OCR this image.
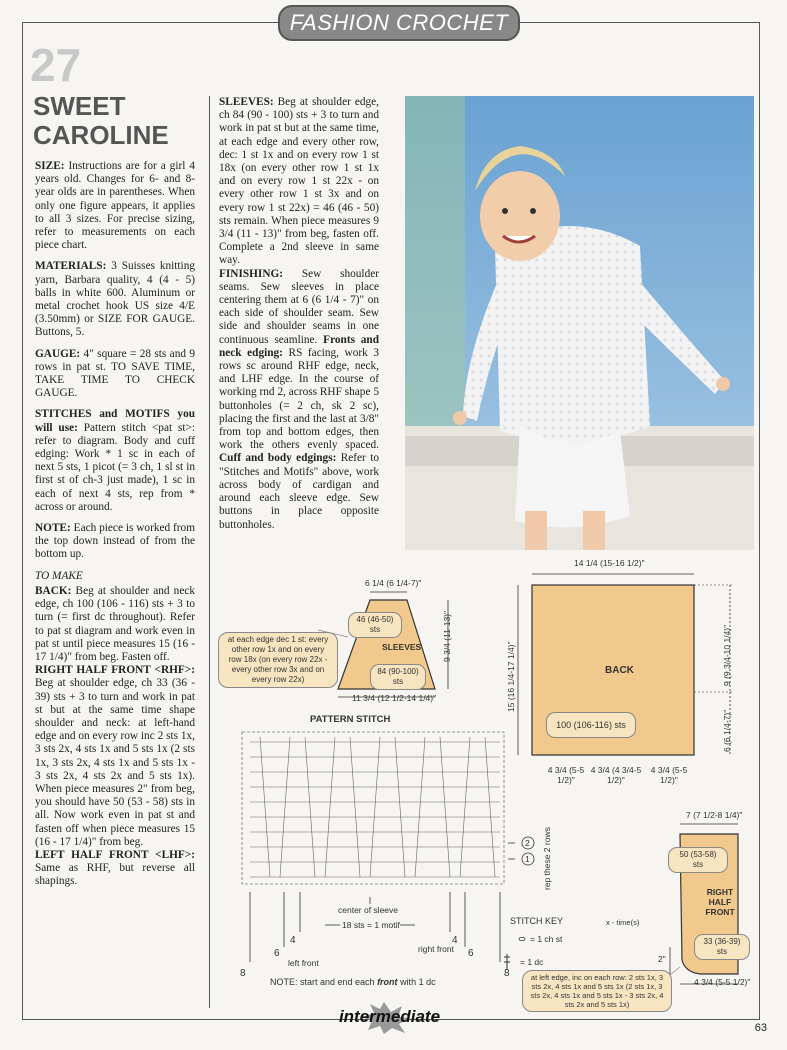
FASHION CROCHET
27
SWEET
CAROLINE

SIZE: Instructions are for a girl 4 years old. Changes for 6- and 8-year olds are in parentheses. When only one figure appears, it applies to all 3 sizes. For precise sizing, refer to measurements on each piece chart.

MATERIALS: 3 Suisses knitting yarn, Barbara quality, 4 (4 - 5) balls in white 600. Aluminum or metal crochet hook US size 4/E (3.50mm) or SIZE FOR GAUGE. Buttons, 5.

GAUGE: 4" square = 28 sts and 9 rows in pat st. TO SAVE TIME, TAKE TIME TO CHECK GAUGE.

STITCHES and MOTIFS you will use: Pattern stitch <pat st>: refer to diagram. Body and cuff edging: Work * 1 sc in each of next 5 sts, 1 picot (= 3 ch, 1 sl st in first st of ch-3 just made), 1 sc in each of next 4 sts, rep from * across or around.

NOTE: Each piece is worked from the top down instead of from the bottom up.

TO MAKE

BACK: Beg at shoulder and neck edge, ch 100 (106 - 116) sts + 3 to turn (= first dc throughout). Refer to pat st diagram and work even in pat st until piece measures 15 (16 - 17 1/4)" from beg. Fasten off.

RIGHT HALF FRONT <RHF>: Beg at shoulder edge, ch 33 (36 - 39) sts + 3 to turn and work in pat st but at the same time shape shoulder and neck: at left-hand edge and on every row inc 2 sts 1x, 3 sts 2x, 4 sts 1x and 5 sts 1x (2 sts 1x, 3 sts 2x, 4 sts 1x and 5 sts 1x - 3 sts 2x, 4 sts 2x and 5 sts 1x). When piece measures 2" from beg, you should have 50 (53 - 58) sts in all. Now work even in pat st and fasten off when piece measures 15 (16 - 17 1/4)" from beg.

LEFT HALF FRONT <LHF>: Same as RHF, but reverse all shapings.

SLEEVES: Beg at shoulder edge, ch 84 (90 - 100) sts + 3 to turn and work in pat st but at the same time, at each edge and every other row, dec: 1 st 1x and on every row 1 st 18x (on every other row 1 st 1x and on every row 1 st 22x - on every other row 1 st 3x and on every row 1 st 22x) = 46 (46 - 50) sts remain. When piece measures 9 3/4 (11 - 13)" from beg, fasten off. Complete a 2nd sleeve in same way.

FINISHING: Sew shoulder seams. Sew sleeves in place centering them at 6 (6 1/4 - 7)" on each side of shoulder seam. Sew side and shoulder seams in one continuous seamline. Fronts and neck edging: RS facing, work 3 rows sc around RHF edge, neck, and LHF edge. In the course of working rnd 2, across RHF shape 5 buttonholes (= 2 ch, sk 2 sc), placing the first and the last at 3/8" from top and bottom edges, then work the others evenly spaced. Cuff and body edgings: Refer to "Stitches and Motifs" above, work across body of cardigan and around each sleeve edge. Sew buttons in place opposite buttonholes.

6 1/4 (6 1/4-7)"
46 (46-50) sts
SLEEVES
84 (90-100) sts
9 3/4 (11-13)"
11 3/4 (12 1/2-14 1/4)"
at each edge dec 1 st: every other row 1x and on every row 18x (on every row 22x - every other row 3x and on every row 22x)
14 1/4 (15-16 1/2)"
BACK
100 (106-116) sts
15 (16 1/4-17 1/4)"	9 (9 3/4-10 1/4)"
6 (6 1/4-7)"
4 3/4 (5-5 1/2)"
4 3/4 (4 3/4-5 1/2)"
4 3/4 (5-5 1/2)"
PATTERN STITCH
2
1 rep these 2 rows
center of sleeve
18 sts = 1 motif
left front
right front
4
6
8
4
6
8
NOTE: start and end each front with 1 dc
STITCH KEY	x - time(s)
= 1 ch st
= 1 dc
7 (7 1/2-8 1/4)"
50 (53-58) sts
RIGHT HALF FRONT
33 (36-39) sts
4 3/4 (5-5 1/2)"
2"
at left edge, inc on each row: 2 sts 1x, 3 sts 2x, 4 sts 1x and 5 sts 1x (2 sts 1x, 3 sts 2x, 4 sts 1x and 5 sts 1x - 3 sts 2x, 4 sts 2x and 5 sts 1x)
intermediate
63
